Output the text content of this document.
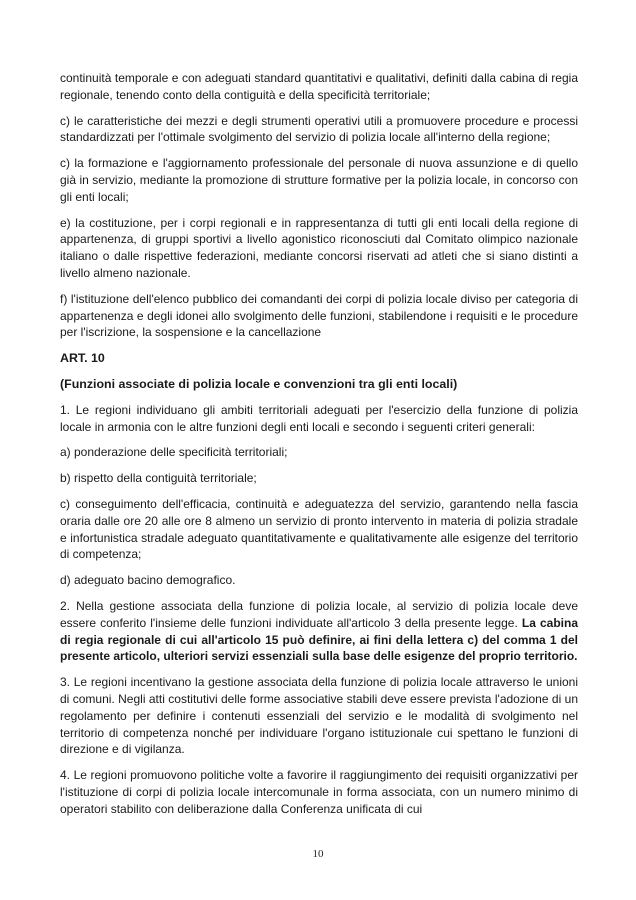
continuità temporale e con adeguati standard quantitativi e qualitativi, definiti dalla cabina di regia regionale, tenendo conto della contiguità e della specificità territoriale;

c) le caratteristiche dei mezzi e degli strumenti operativi utili a promuovere procedure e processi standardizzati per l'ottimale svolgimento del servizio di polizia locale all'interno della regione;

c) la formazione e l'aggiornamento professionale del personale di nuova assunzione e di quello già in servizio, mediante la promozione di strutture formative per la polizia locale, in concorso con gli enti locali;

e) la costituzione, per i corpi regionali e in rappresentanza di tutti gli enti locali della regione di appartenenza, di gruppi sportivi a livello agonistico riconosciuti dal Comitato olimpico nazionale italiano o dalle rispettive federazioni, mediante concorsi riservati ad atleti che si siano distinti a livello almeno nazionale.

f) l'istituzione dell'elenco pubblico dei comandanti dei corpi di polizia locale diviso per categoria di appartenenza e degli idonei allo svolgimento delle funzioni, stabilendone i requisiti e le procedure per l'iscrizione, la sospensione e la cancellazione

ART. 10

(Funzioni associate di polizia locale e convenzioni tra gli enti locali)

1. Le regioni individuano gli ambiti territoriali adeguati per l'esercizio della funzione di polizia locale in armonia con le altre funzioni degli enti locali e secondo i seguenti criteri generali:

a) ponderazione delle specificità territoriali;

b) rispetto della contiguità territoriale;

c) conseguimento dell'efficacia, continuità e adeguatezza del servizio, garantendo nella fascia oraria dalle ore 20 alle ore 8 almeno un servizio di pronto intervento in materia di polizia stradale e infortunistica stradale adeguato quantitativamente e qualitativamente alle esigenze del territorio di competenza;

d) adeguato bacino demografico.

2. Nella gestione associata della funzione di polizia locale, al servizio di polizia locale deve essere conferito l'insieme delle funzioni individuate all'articolo 3 della presente legge. La cabina di regia regionale di cui all'articolo 15 può definire, ai fini della lettera c) del comma 1 del presente articolo, ulteriori servizi essenziali sulla base delle esigenze del proprio territorio.

3. Le regioni incentivano la gestione associata della funzione di polizia locale attraverso le unioni di comuni. Negli atti costitutivi delle forme associative stabili deve essere prevista l'adozione di un regolamento per definire i contenuti essenziali del servizio e le modalità di svolgimento nel territorio di competenza nonché per individuare l'organo istituzionale cui spettano le funzioni di direzione e di vigilanza.

4. Le regioni promuovono politiche volte a favorire il raggiungimento dei requisiti organizzativi per l'istituzione di corpi di polizia locale intercomunale in forma associata, con un numero minimo di operatori stabilito con deliberazione dalla Conferenza unificata di cui

10
